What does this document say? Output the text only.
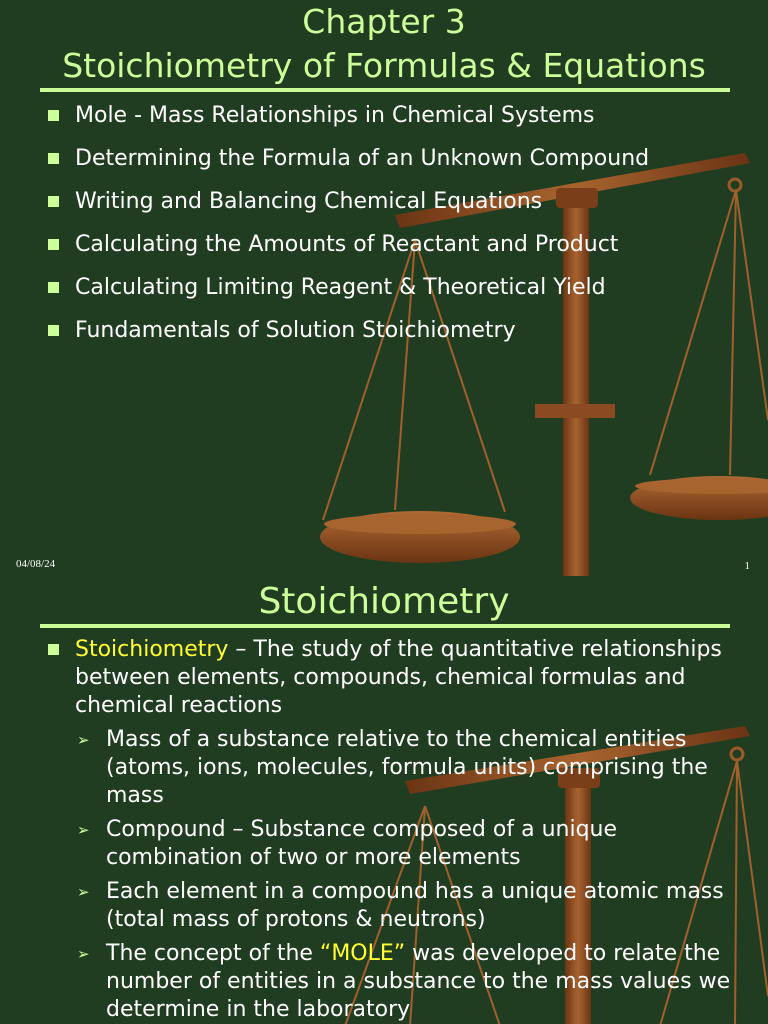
Chapter 3
Stoichiometry of Formulas & Equations
Mole - Mass Relationships in Chemical Systems
Determining the Formula of an Unknown Compound
Writing and Balancing Chemical Equations
Calculating the Amounts of Reactant and Product
Calculating Limiting Reagent & Theoretical Yield
Fundamentals of Solution Stoichiometry
04/08/24	1
Stoichiometry
Stoichiometry – The study of the quantitative relationships between elements, compounds, chemical formulas and chemical reactions
➢ Mass of a substance relative to the chemical entities (atoms, ions, molecules, formula units) comprising the mass
➢ Compound – Substance composed of a unique combination of two or more elements
➢ Each element in a compound has a unique atomic mass (total mass of protons & neutrons)
➢ The concept of the “MOLE” was developed to relate the number of entities in a substance to the mass values we determine in the laboratory
